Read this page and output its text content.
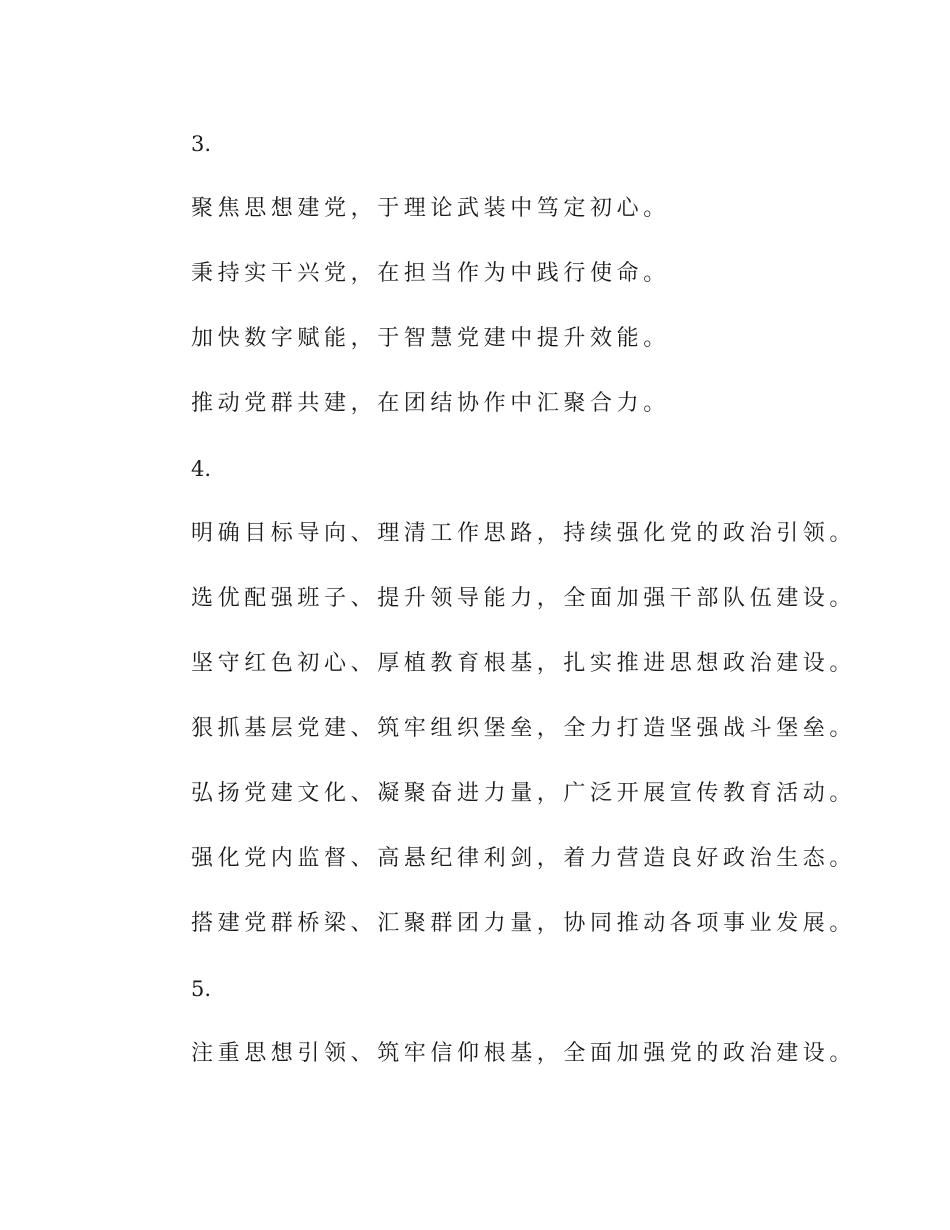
3.
聚焦思想建党，于理论武装中笃定初心。
秉持实干兴党，在担当作为中践行使命。
加快数字赋能，于智慧党建中提升效能。
推动党群共建，在团结协作中汇聚合力。
4.
明确目标导向、理清工作思路，持续强化党的政治引领。
选优配强班子、提升领导能力，全面加强干部队伍建设。
坚守红色初心、厚植教育根基，扎实推进思想政治建设。
狠抓基层党建、筑牢组织堡垒，全力打造坚强战斗堡垒。
弘扬党建文化、凝聚奋进力量，广泛开展宣传教育活动。
强化党内监督、高悬纪律利剑，着力营造良好政治生态。
搭建党群桥梁、汇聚群团力量，协同推动各项事业发展。
5.
注重思想引领、筑牢信仰根基，全面加强党的政治建设。
